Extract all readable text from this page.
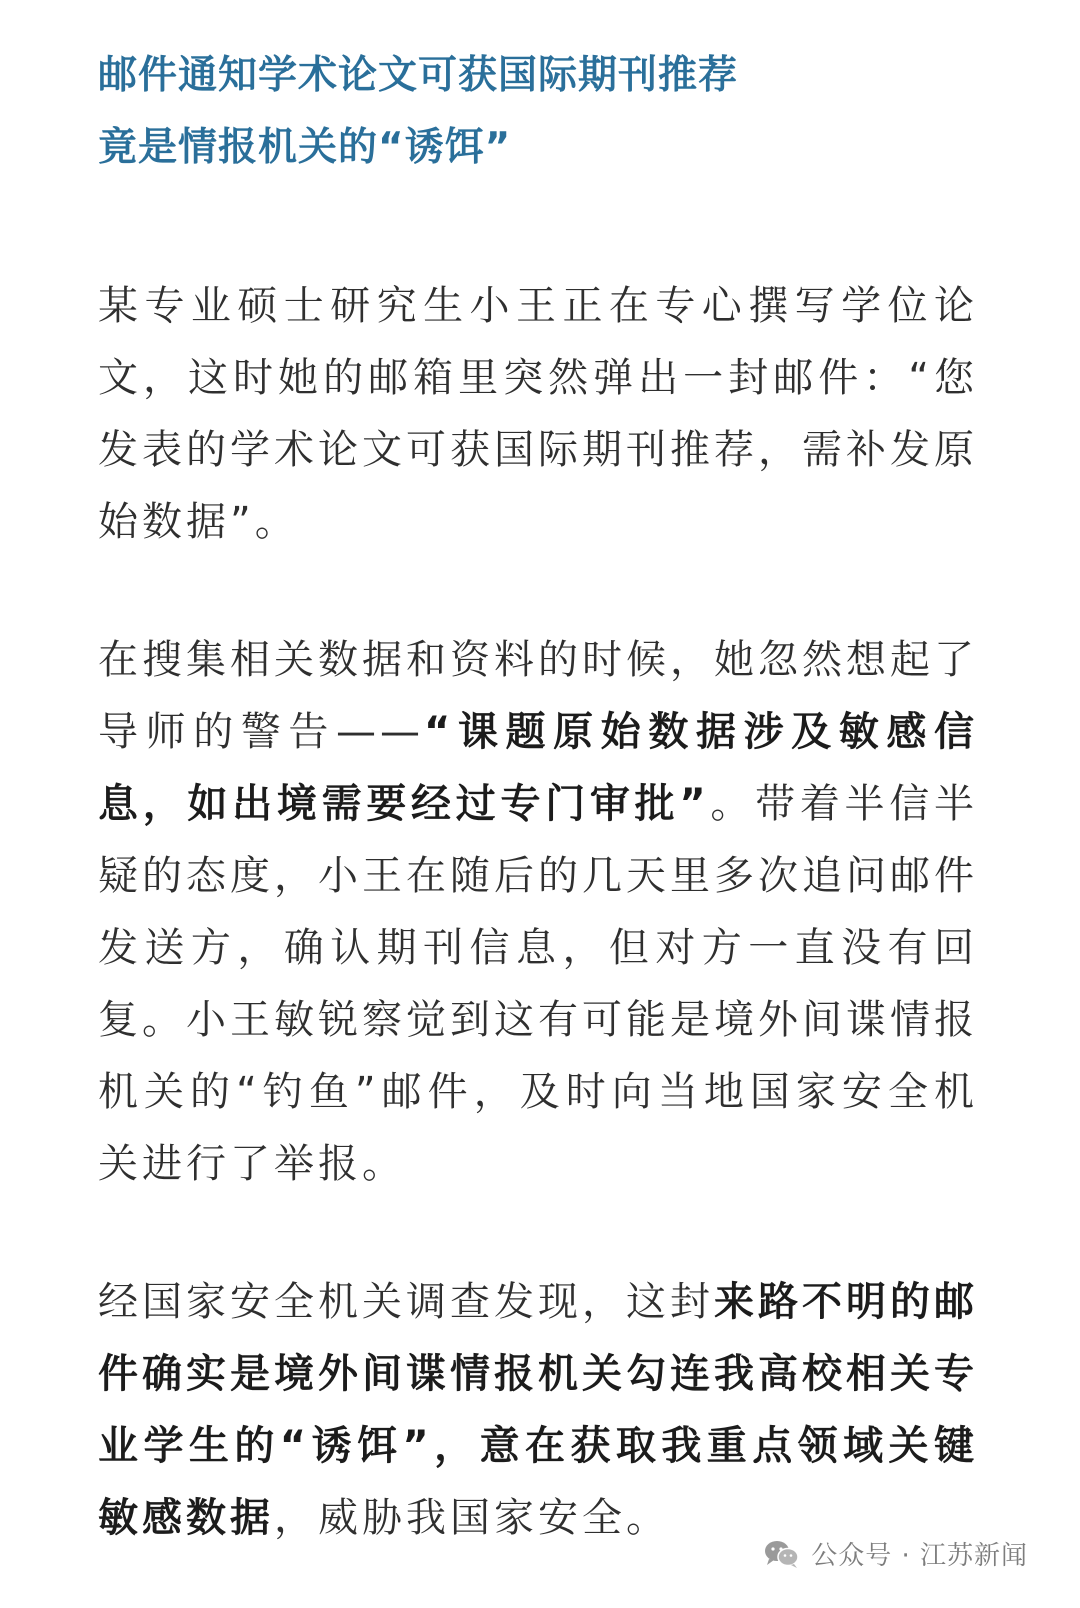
邮件通知学术论文可获国际期刊推荐
竟是情报机关的“诱饵”

某专业硕士研究生小王正在专心撰写学位论文，这时她的邮箱里突然弹出一封邮件：“您发表的学术论文可获国际期刊推荐，需补发原始数据”。

在搜集相关数据和资料的时候，她忽然想起了导师的警告——“课题原始数据涉及敏感信息，如出境需要经过专门审批”。带着半信半疑的态度，小王在随后的几天里多次追问邮件发送方，确认期刊信息，但对方一直没有回复。小王敏锐察觉到这有可能是境外间谍情报机关的“钓鱼”邮件，及时向当地国家安全机关进行了举报。

经国家安全机关调查发现，这封来路不明的邮件确实是境外间谍情报机关勾连我高校相关专业学生的“诱饵”，意在获取我重点领域关键敏感数据，威胁我国家安全。

公众号 · 江苏新闻
